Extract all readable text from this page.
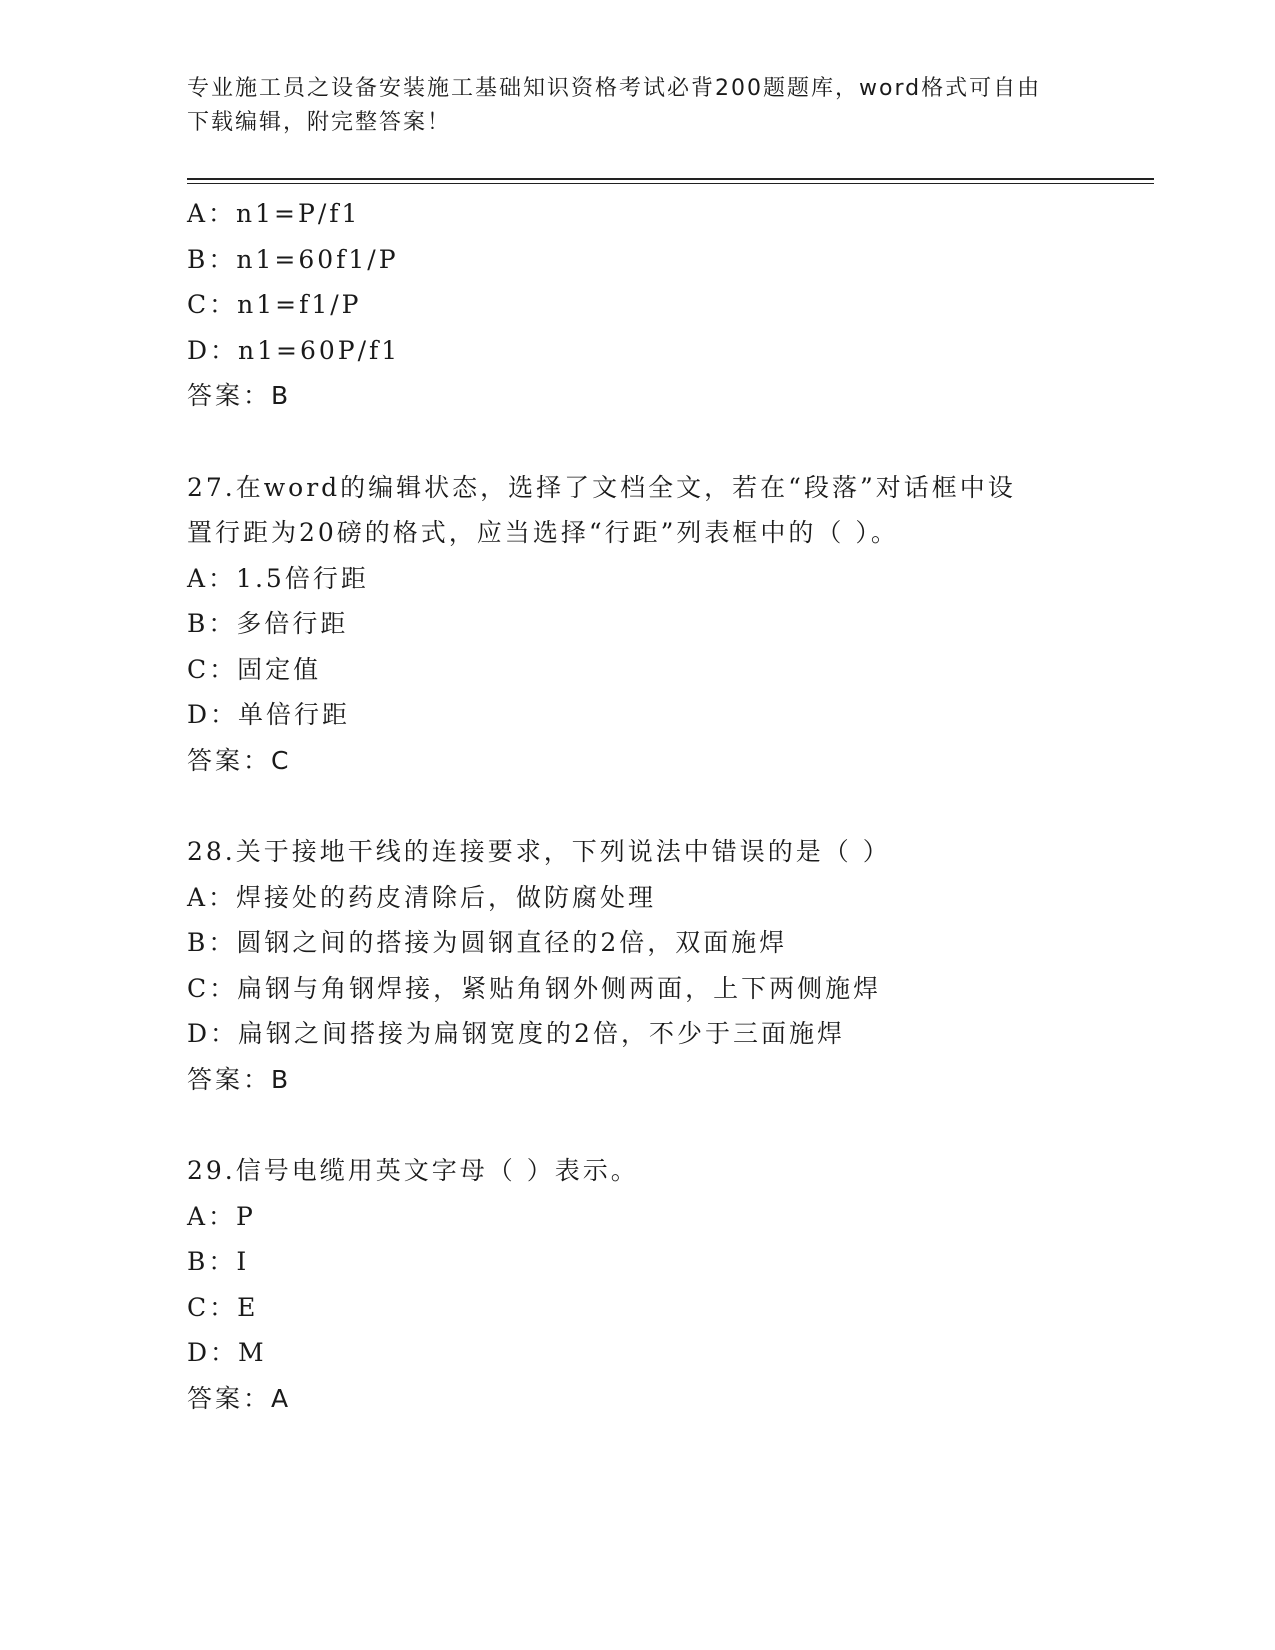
专业施工员之设备安装施工基础知识资格考试必背200题题库，word格式可自由
下载编辑，附完整答案！
A：n1=P/f1
B：n1=60f1/P
C：n1=f1/P
D：n1=60P/f1
答案：B
27.在word的编辑状态，选择了文档全文，若在“段落”对话框中设
置行距为20磅的格式，应当选择“行距”列表框中的（ ）。
A：1.5倍行距
B：多倍行距
C：固定值
D：单倍行距
答案：C
28.关于接地干线的连接要求，下列说法中错误的是（ ）
A：焊接处的药皮清除后，做防腐处理
B：圆钢之间的搭接为圆钢直径的2倍，双面施焊
C：扁钢与角钢焊接，紧贴角钢外侧两面，上下两侧施焊
D：扁钢之间搭接为扁钢宽度的2倍，不少于三面施焊
答案：B
29.信号电缆用英文字母（ ）表示。
A：P
B：I
C：E
D：M
答案：A
